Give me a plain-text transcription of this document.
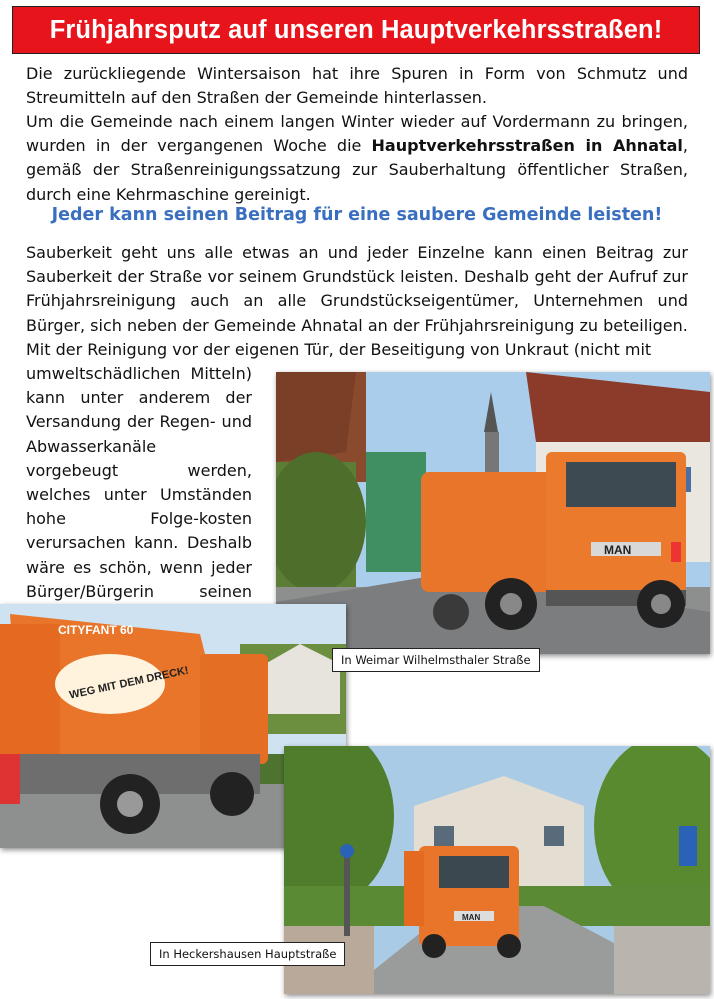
Frühjahrsputz auf unseren Hauptverkehrsstraßen!
Die zurückliegende Wintersaison hat ihre Spuren in Form von Schmutz und Streumitteln auf den Straßen der Gemeinde hinterlassen.
Um die Gemeinde nach einem langen Winter wieder auf Vordermann zu bringen, wurden in der vergangenen Woche die Hauptverkehrsstraßen in Ahnatal, gemäß der Straßenreinigungssatzung zur Sauberhaltung öffentlicher Straßen, durch eine Kehrmaschine gereinigt.
Jeder kann seinen Beitrag für eine saubere Gemeinde leisten!
Sauberkeit geht uns alle etwas an und jeder Einzelne kann einen Beitrag zur Sauberkeit der Straße vor seinem Grundstück leisten. Deshalb geht der Aufruf zur Frühjahrsreinigung auch an alle Grundstückseigentümer, Unternehmen und Bürger, sich neben der Gemeinde Ahnatal an der Frühjahrsreinigung zu beteiligen.
Mit der Reinigung vor der eigenen Tür, der Beseitigung von Unkraut (nicht mit
umweltschädlichen Mitteln) kann unter anderem der Versandung der Regen- und Abwasserkanäle vorgebeugt werden, welches unter Umständen hohe Folge-kosten verursachen kann. Deshalb wäre es schön, wenn jeder Bürger/Bürgerin seinen
MAN
CITYFANT 60
WEG MIT DEM DRECK!
MAN
In Weimar Wilhelmsthaler Straße
In Heckershausen Hauptstraße
